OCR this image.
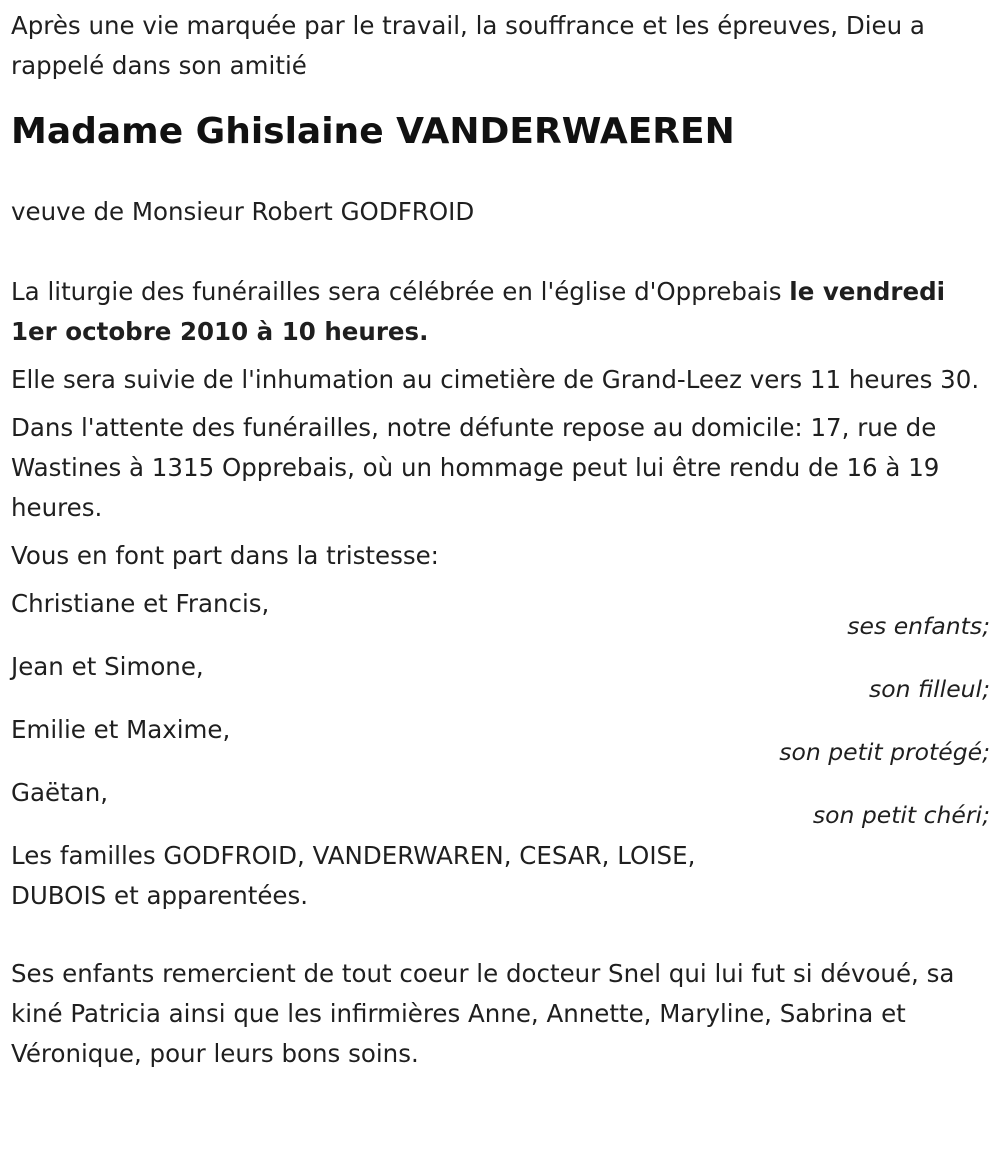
Après une vie marquée par le travail, la souffrance et les épreuves, Dieu a rappelé dans son amitié

Madame Ghislaine VANDERWAEREN

veuve de Monsieur Robert GODFROID

La liturgie des funérailles sera célébrée en l'église d'Opprebais le vendredi 1er octobre 2010 à 10 heures.

Elle sera suivie de l'inhumation au cimetière de Grand-Leez vers 11 heures 30.

Dans l'attente des funérailles, notre défunte repose au domicile: 17, rue de Wastines à 1315 Opprebais, où un hommage peut lui être rendu de 16 à 19 heures.

Vous en font part dans la tristesse:

Christiane et Francis,
ses enfants;
Jean et Simone,
son filleul;
Emilie et Maxime,
son petit protégé;
Gaëtan,
son petit chéri;

Les familles GODFROID, VANDERWAREN, CESAR, LOISE,

DUBOIS et apparentées.

Ses enfants remercient de tout coeur le docteur Snel qui lui fut si dévoué, sa kiné Patricia ainsi que les infirmières Anne, Annette, Maryline, Sabrina et Véronique, pour leurs bons soins.
